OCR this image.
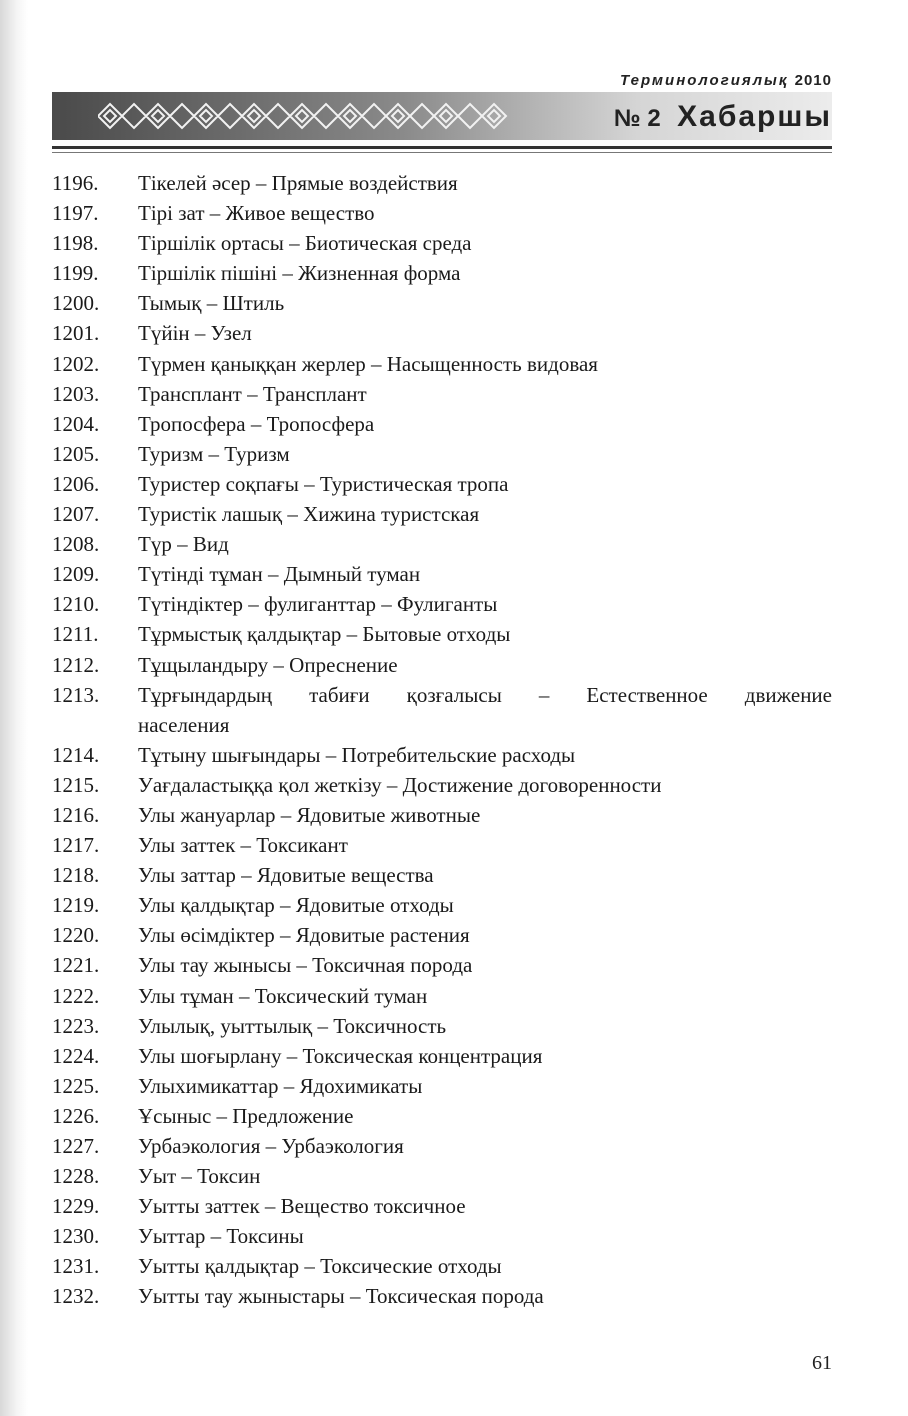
Терминологиялық 2010
№ 2 Хабаршы
1196.	Тікелей әсер – Прямые воздействия
1197.	Тірі зат – Живое вещество
1198.	Тіршілік ортасы – Биотическая среда
1199.	Тіршілік пішіні – Жизненная форма
1200.	Тымық – Штиль
1201.	Түйін – Узел
1202.	Түрмен қаныққан жерлер – Насыщенность видовая
1203.	Трансплант – Трансплант
1204.	Тропосфера – Тропосфера
1205.	Туризм – Туризм
1206.	Туристер соқпағы – Туристическая тропа
1207.	Туристік лашық – Хижина туристская
1208.	Түр – Вид
1209.	Түтінді тұман – Дымный туман
1210.	Түтіндіктер – фулиганттар – Фулиганты
1211.	Тұрмыстық қалдықтар – Бытовые отходы
1212.	Тұщыландыру – Опреснение
1213.	Тұрғындардың табиғи қозғалысы – Естественное движение
населения
1214.	Тұтыну шығындары – Потребительские расходы
1215.	Уағдаластыққа қол жеткізу – Достижение договоренности
1216.	Улы жануарлар – Ядовитые животные
1217.	Улы заттек – Токсикант
1218.	Улы заттар – Ядовитые вещества
1219.	Улы қалдықтар – Ядовитые отходы
1220.	Улы өсімдіктер – Ядовитые растения
1221.	Улы тау жынысы – Токсичная порода
1222.	Улы тұман – Токсический туман
1223.	Улылық, уыттылық – Токсичность
1224.	Улы шоғырлану – Токсическая концентрация
1225.	Улыхимикаттар – Ядохимикаты
1226.	Ұсыныс – Предложение
1227.	Урбаэкология – Урбаэкология
1228.	Уыт – Токсин
1229.	Уытты заттек – Вещество токсичное
1230.	Уыттар – Токсины
1231.	Уытты қалдықтар – Токсические отходы
1232.	Уытты тау жыныстары – Токсическая порода
61
